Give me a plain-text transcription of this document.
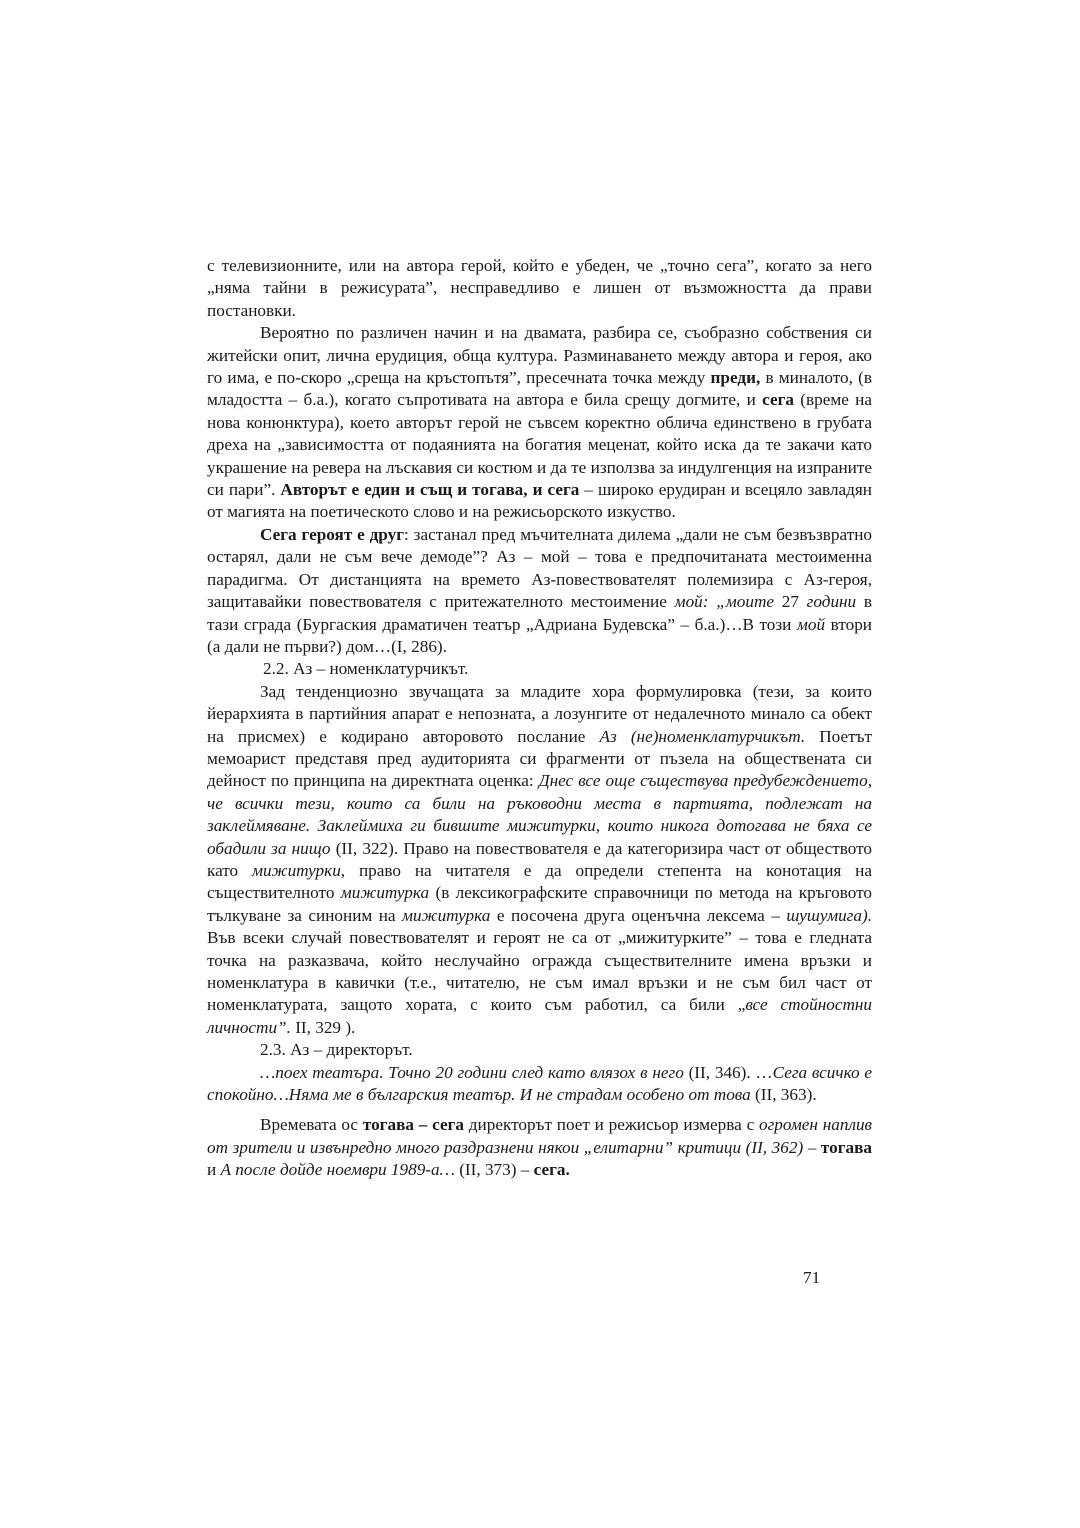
с телевизионните, или на автора герой, който е убеден, че „точно сега”, когато за него „няма тайни в режисурата”, несправедливо е лишен от възможността да прави постановки.

Вероятно по различен начин и на двамата, разбира се, съобразно собствения си житейски опит, лична ерудиция, обща култура. Разминаването между автора и героя, ако го има, е по-скоро „среща на кръстопътя”, пресечната точка между преди, в миналото, (в младостта – б.а.), когато съпротивата на автора е била срещу догмите, и сега (време на нова конюнктура), което авторът герой не съвсем коректно облича единствено в грубата дреха на „зависимостта от подаянията на богатия меценат, който иска да те закачи като украшение на ревера на лъскавия си костюм и да те използва за индулгенция на изпраните си пари”. Авторът е един и същ и тогава, и сега – широко ерудиран и всецяло завладян от магията на поетическото слово и на режисьорското изкуство.

Сега героят е друг: застанал пред мъчителната дилема „дали не съм безвъзвратно остарял, дали не съм вече демоде”? Аз – мой – това е предпочитаната местоименна парадигма. От дистанцията на времето Аз-повествователят полемизира с Аз-героя, защитавайки повествователя с притежателното местоимение мой: „моите 27 години в тази сграда (Бургаския драматичен театър „Адриана Будевска” – б.а.)…В този мой втори (а дали не първи?) дом…(I, 286).

2.2. Аз – номенклатурчикът.

Зад тенденциозно звучащата за младите хора формулировка (тези, за които йерархията в партийния апарат е непозната, а лозунгите от недалечното минало са обект на присмех) е кодирано авторовото послание Аз (не)номенклатурчикът. Поетът мемоарист представя пред аудиторията си фрагменти от пъзела на обществената си дейност по принципа на директната оценка: Днес все още съществува предубеждението, че всички тези, които са били на ръководни места в партията, подлежат на заклеймяване. Заклеймиха ги бившите мижитурки, които никога дотогава не бяха се обадили за нищо (II, 322). Право на повествователя е да категоризира част от обществото като мижитурки, право на читателя е да определи степента на конотация на съществителното мижитурка (в лексикографските справочници по метода на кръговото тълкуване за синоним на мижитурка е посочена друга оценъчна лексема – шушумига). Във всеки случай повествователят и героят не са от „мижитурките” – това е гледната точка на разказвача, който неслучайно огражда съществителните имена връзки и номенклатура в кавички (т.е., читателю, не съм имал връзки и не съм бил част от номенклатурата, защото хората, с които съм работил, са били „все стойностни личности”. II, 329 ).

2.3. Аз – директорът.

…поех театъра. Точно 20 години след като влязох в него (II, 346). …Сега всичко е спокойно…Няма ме в българския театър. И не страдам особено от това (II, 363).

Времевата ос тогава – сега директорът поет и режисьор измерва с огромен наплив от зрители и извънредно много раздразнени някои „елитарни” критици (II, 362) – тогава и А после дойде ноември 1989-а… (II, 373) – сега.

71
